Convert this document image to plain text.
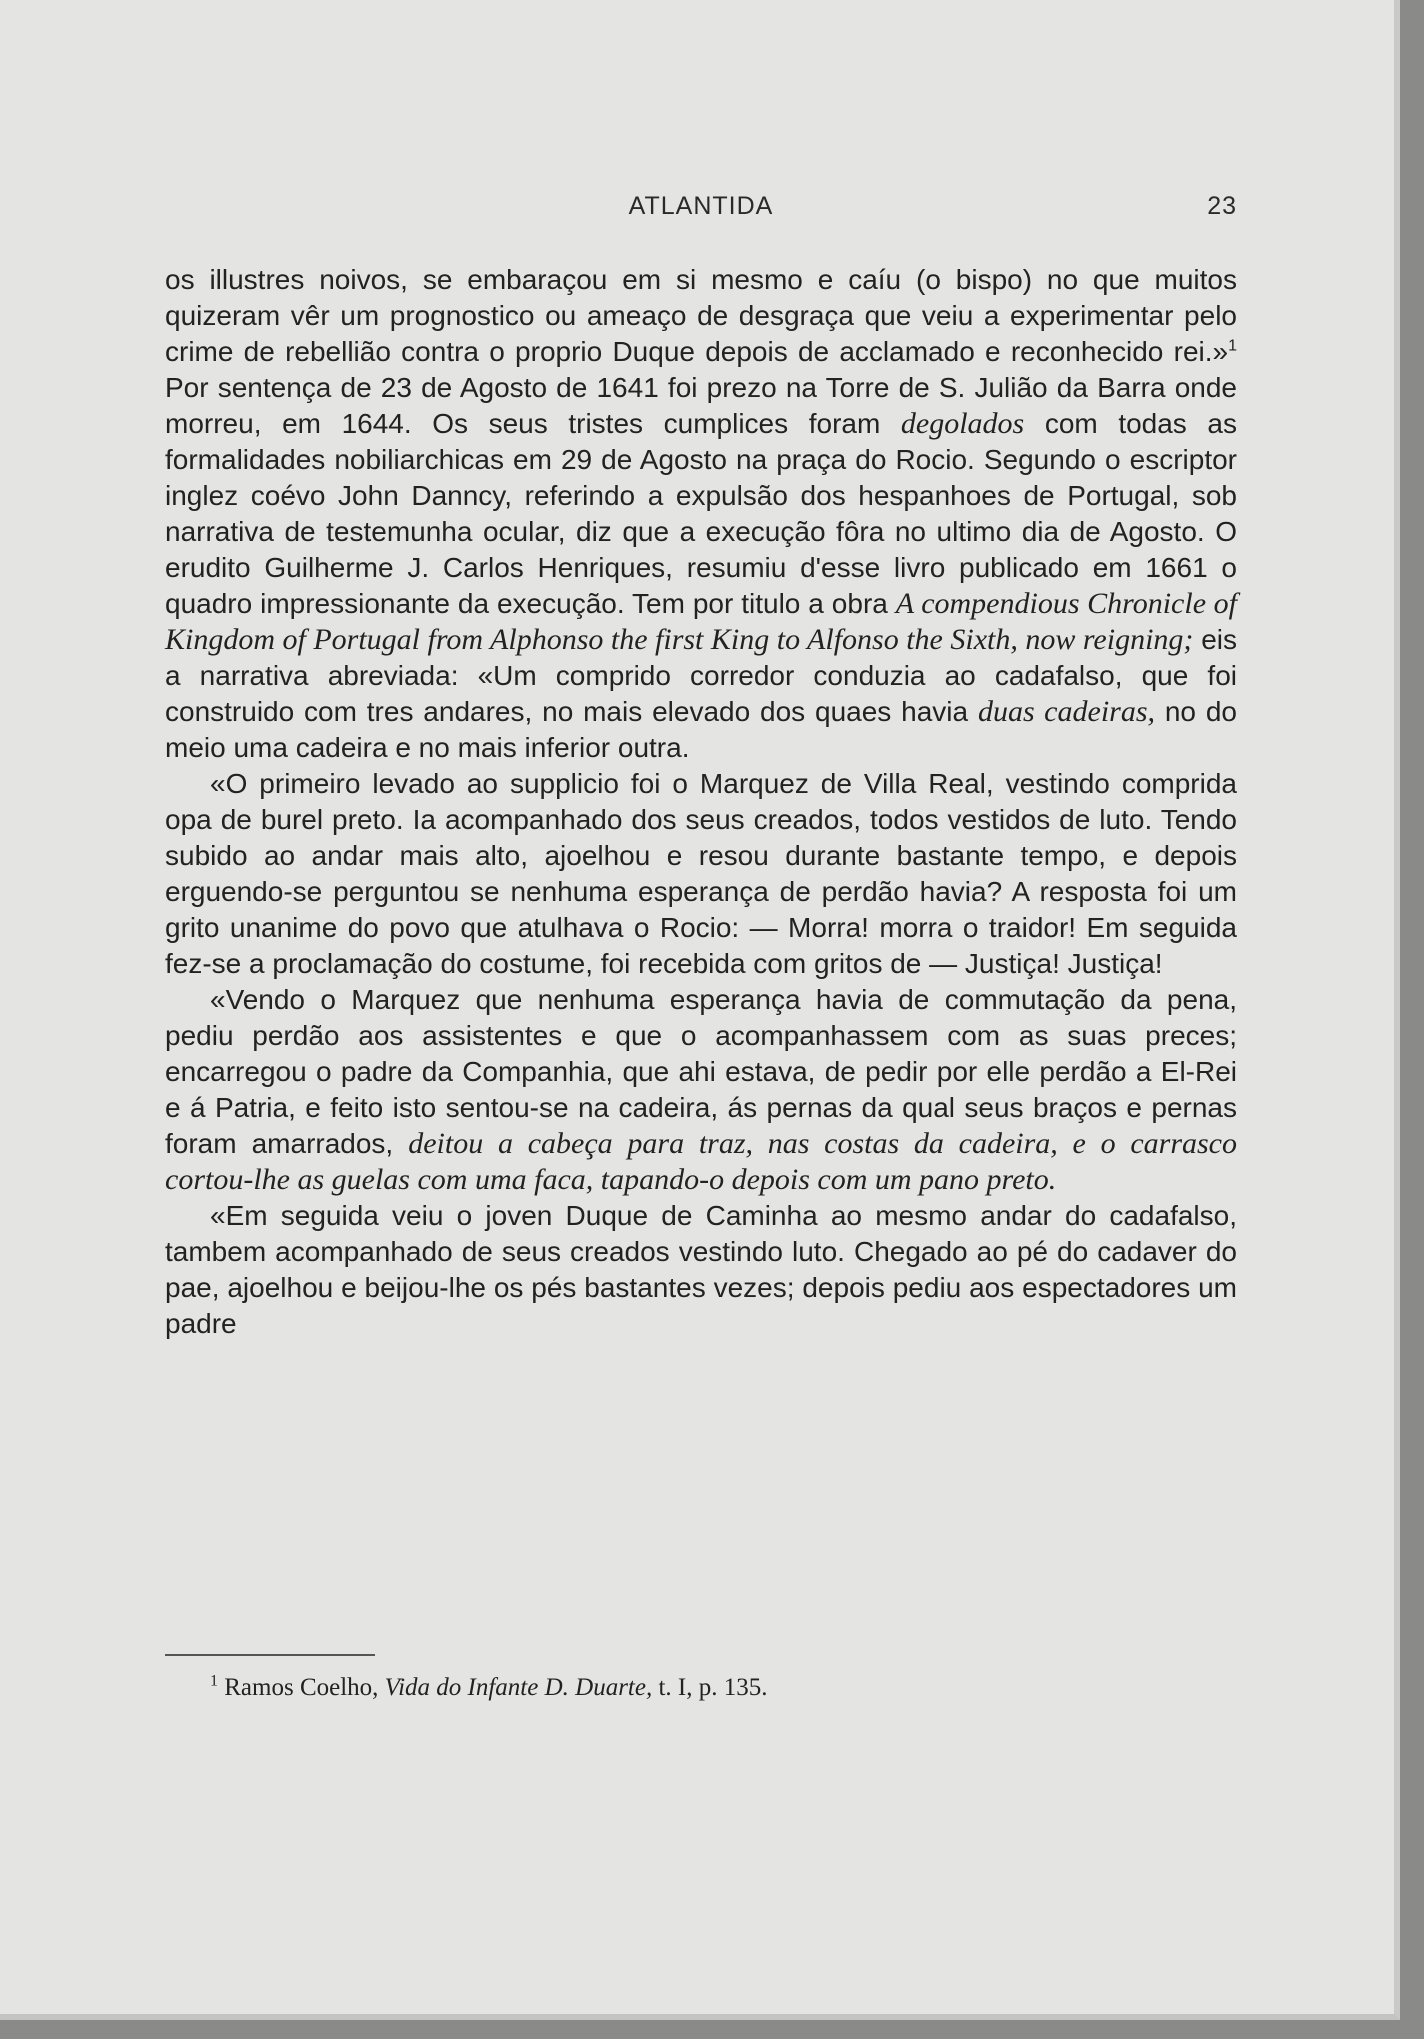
ATLANTIDA	23

os illustres noivos, se embaraçou em si mesmo e caíu (o bispo) no que muitos quizeram vêr um prognostico ou ameaço de desgraça que veiu a experimentar pelo crime de rebellião contra o proprio Duque depois de acclamado e reconhecido rei.»$^1$ Por sentença de 23 de Agosto de 1641 foi prezo na Torre de S. Julião da Barra onde morreu, em 1644. Os seus tristes cumplices foram degolados com todas as formalidades nobiliarchicas em 29 de Agosto na praça do Rocio. Segundo o escriptor inglez coévo John Danncy, referindo a expulsão dos hespanhoes de Portugal, sob narrativa de testemunha ocular, diz que a execução fôra no ultimo dia de Agosto. O erudito Guilherme J. Carlos Henriques, resumiu d'esse livro publicado em 1661 o quadro impressionante da execução. Tem por titulo a obra A compendious Chronicle of Kingdom of Portugal from Alphonso the first King to Alfonso the Sixth, now reigning; eis a narrativa abreviada: «Um comprido corredor conduzia ao cadafalso, que foi construido com tres andares, no mais elevado dos quaes havia duas cadeiras, no do meio uma cadeira e no mais inferior outra.

«O primeiro levado ao supplicio foi o Marquez de Villa Real, vestindo comprida opa de burel preto. Ia acompanhado dos seus creados, todos vestidos de luto. Tendo subido ao andar mais alto, ajoelhou e resou durante bastante tempo, e depois erguendo-se perguntou se nenhuma esperança de perdão havia? A resposta foi um grito unanime do povo que atulhava o Rocio: — Morra! morra o traidor! Em seguida fez-se a proclamação do costume, foi recebida com gritos de — Justiça! Justiça!

«Vendo o Marquez que nenhuma esperança havia de commutação da pena, pediu perdão aos assistentes e que o acompanhassem com as suas preces; encarregou o padre da Companhia, que ahi estava, de pedir por elle perdão a El-Rei e á Patria, e feito isto sentou-se na cadeira, ás pernas da qual seus braços e pernas foram amarrados, deitou a cabeça para traz, nas costas da cadeira, e o carrasco cortou-lhe as guelas com uma faca, tapando-o depois com um pano preto.

«Em seguida veiu o joven Duque de Caminha ao mesmo andar do cadafalso, tambem acompanhado de seus creados vestindo luto. Chegado ao pé do cadaver do pae, ajoelhou e beijou-lhe os pés bastantes vezes; depois pediu aos espectadores um padre

$^1$ Ramos Coelho, Vida do Infante D. Duarte, t. I, p. 135.
